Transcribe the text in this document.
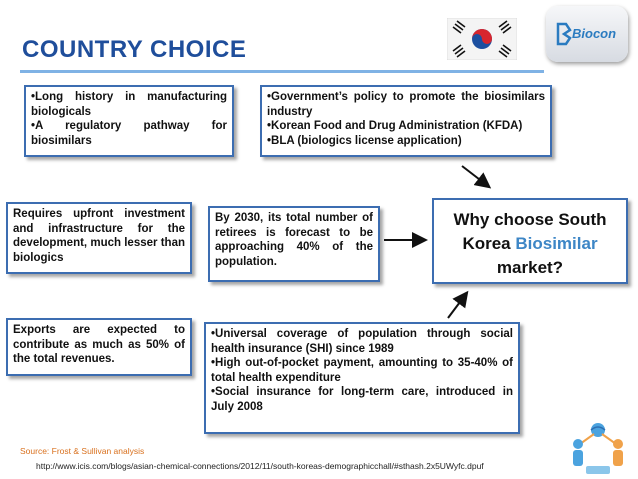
COUNTRY CHOICE
Biocon
•Long history in manufacturing biologicals
•A regulatory pathway for biosimilars
•Government’s policy to promote the biosimilars industry
•Korean Food and Drug Administration (KFDA)
•BLA (biologics license application)

Requires upfront investment and infrastructure for the development, much lesser than biologics

By 2030, its total number of retirees is forecast to be approaching 40% of the population.

Why choose South Korea Biosimilar market?

Exports are expected to contribute as much as 50% of the total revenues.

•Universal coverage of population through social health insurance (SHI) since 1989
•High out-of-pocket payment, amounting to 35-40% of total health expenditure
•Social insurance for long-term care, introduced in July 2008
Source: Frost & Sullivan analysis
http://www.icis.com/blogs/asian-chemical-connections/2012/11/south-koreas-demographicchall/#sthash.2x5UWyfc.dpuf
